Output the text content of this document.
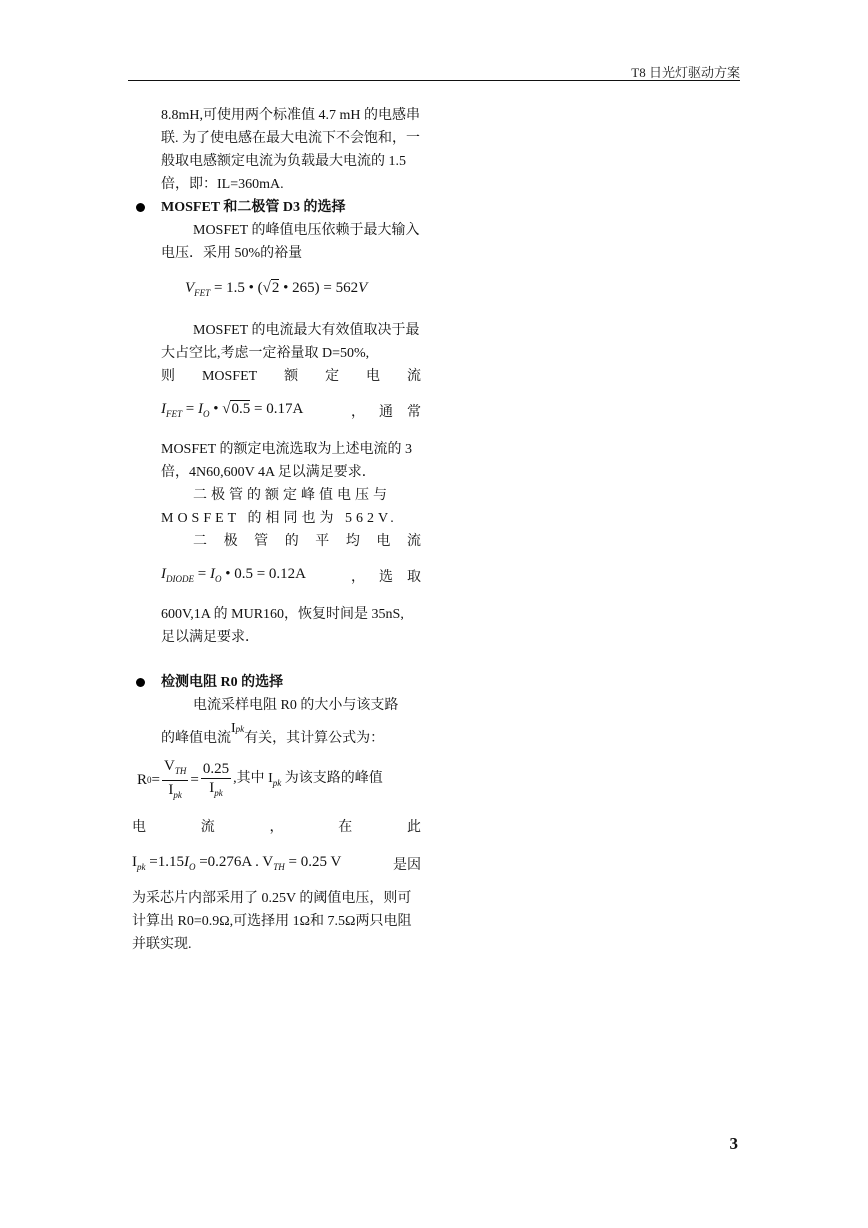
T8 日光灯驱动方案

8.8mH,可使用两个标准值 4.7 mH 的电感串联. 为了使电感在最大电流下不会饱和，一般取电感额定电流为负载最大电流的 1.5 倍，即：IL=360mA.

MOSFET 和二极管 D3 的选择

MOSFET 的峰值电压依赖于最大输入电压．采用 50%的裕量

$V_{FET} = 1.5$ • (√2 • 265) = 562V

MOSFET 的电流最大有效值取决于最大占空比,考虑一定裕量取 D=50%,

则 MOSFET 额 定 电 流
$I_{FET} = I_O$ • √0.5 = 0.17A	， 通 常

MOSFET 的额定电流选取为上述电流的 3 倍，4N60,600V 4A 足以满足要求．

二极管的额定峰值电压与 MOSFET 的相同也为 562V.

二 极 管 的 平 均 电 流
$I_{DIODE} = I_O$ • 0.5 = 0.12A	， 选 取

600V,1A 的 MUR160，恢复时间是 35nS, 足以满足要求．

检测电阻 R0 的选择

电流采样电阻 R0 的大小与该支路

的峰值电流Ipk有关，其计算公式为：

R $0 = \frac{V_{TH}}{I_{pk}} = \frac{0.25}{I_{pk}}$ ,其中 $I_{pk}$ 为该支路的峰值
电	流	，	在	此
$I_{pk} =1.15I_O =0.276A$ . $V_{TH} = 0.25$ V	是因

为采芯片内部采用了 0.25V 的阈值电压，则可计算出 R0=0.9Ω,可选择用 1Ω和 7.5Ω两只电阻并联实现.

3
